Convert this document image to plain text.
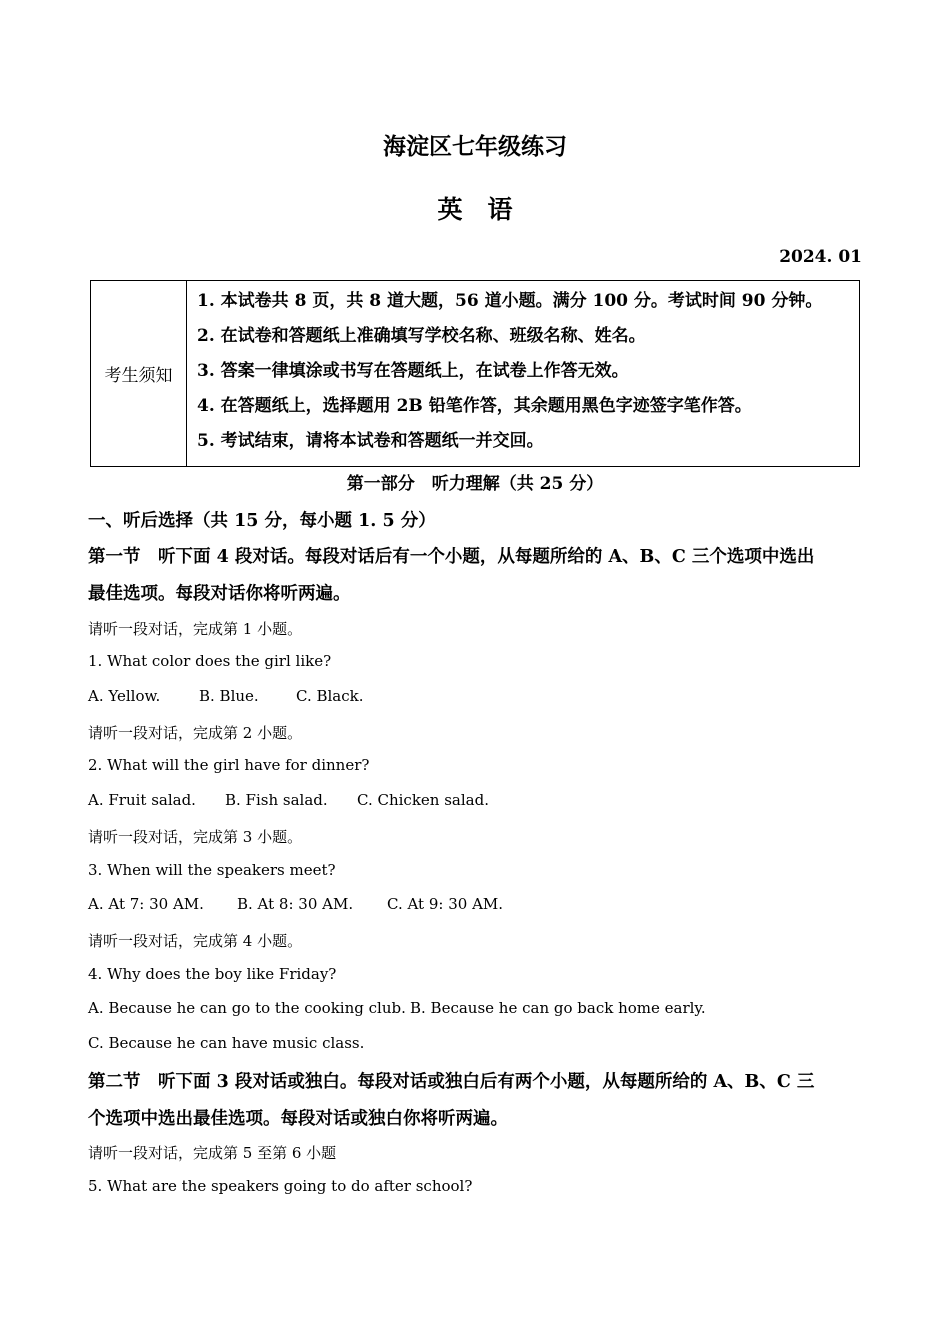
海淀区七年级练习
英　语
2024. 01
考生须知	
1. 本试卷共 8 页，共 8 道大题，56 道小题。满分 100 分。考试时间 90 分钟。
2. 在试卷和答题纸上准确填写学校名称、班级名称、姓名。
3. 答案一律填涂或书写在答题纸上，在试卷上作答无效。
4. 在答题纸上，选择题用 2B 铅笔作答，其余题用黑色字迹签字笔作答。
5. 考试结束，请将本试卷和答题纸一并交回。
第一部分　听力理解（共 25 分）
一、听后选择（共 15 分，每小题 1. 5 分）
第一节　听下面 4 段对话。每段对话后有一个小题，从每题所给的 A、B、C 三个选项中选出
最佳选项。每段对话你将听两遍。
请听一段对话，完成第 1 小题。
1. What color does the girl like?
A. Yellow.	B. Blue. C. Black.
请听一段对话，完成第 2 小题。
2. What will the girl have for dinner?
A. Fruit salad. B. Fish salad. C. Chicken salad.
请听一段对话，完成第 3 小题。
3. When will the speakers meet?
A. At 7: 30 AM. B. At 8: 30 AM. C. At 9: 30 AM.
请听一段对话，完成第 4 小题。
4. Why does the boy like Friday?
A. Because he can go to the cooking club. B. Because he can go back home early.
C. Because he can have music class.
第二节　听下面 3 段对话或独白。每段对话或独白后有两个小题，从每题所给的 A、B、C 三
个选项中选出最佳选项。每段对话或独白你将听两遍。
请听一段对话，完成第 5 至第 6 小题
5. What are the speakers going to do after school?
